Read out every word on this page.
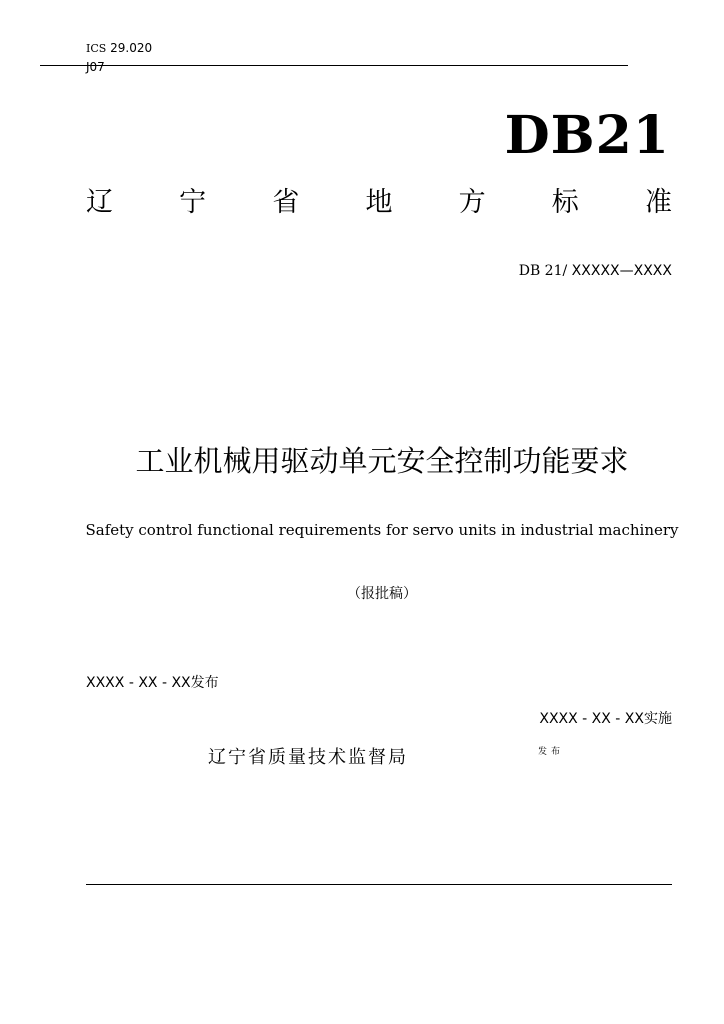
ICS 29.020
J07
DB21
辽 宁 省 地 方 标 准
DB 21/ XXXXX—XXXX
工业机械用驱动单元安全控制功能要求
Safety control functional requirements for servo units in industrial machinery
（报批稿）
XXXX - XX - XX发布
XXXX - XX - XX实施
辽宁省质量技术监督局	发布
